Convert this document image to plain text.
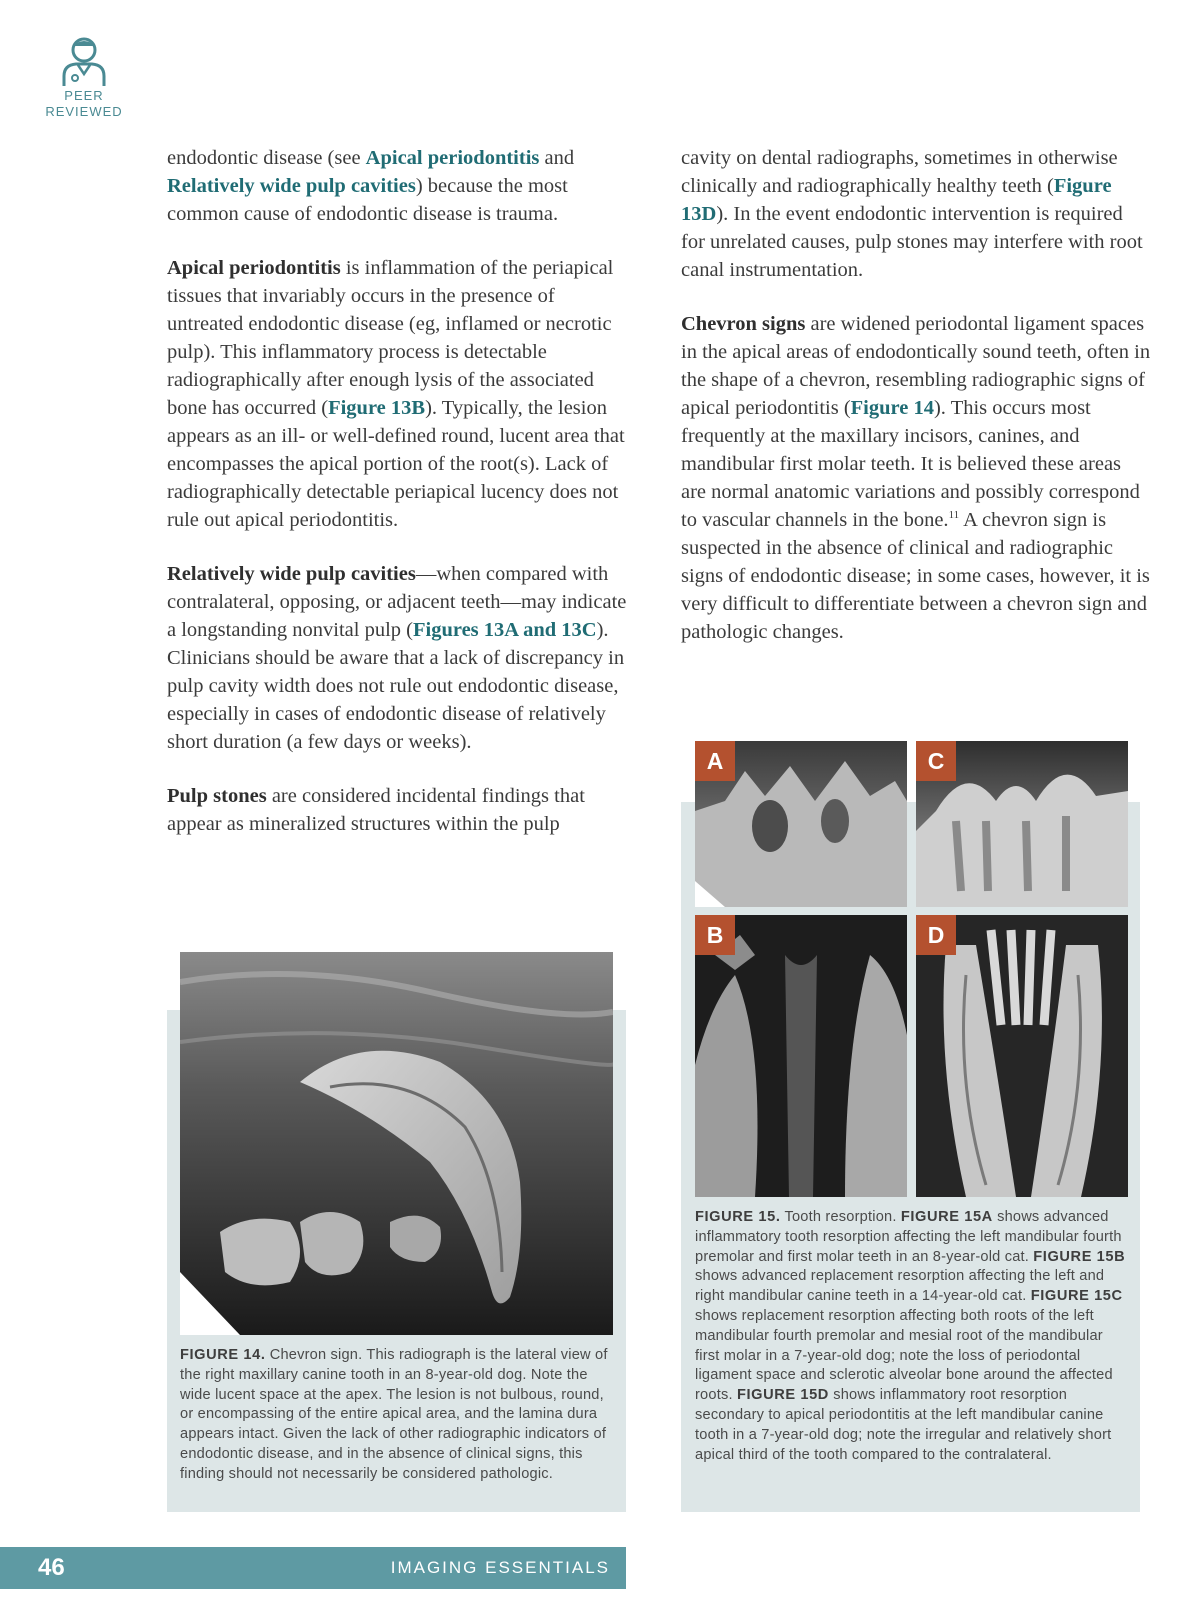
PEER
REVIEWED

endodontic disease (see Apical periodontitis and Relatively wide pulp cavities) because the most common cause of endodontic disease is trauma.

Apical periodontitis is inflammation of the periapical tissues that invariably occurs in the presence of untreated endodontic disease (eg, inflamed or necrotic pulp). This inflammatory process is detectable radiographically after enough lysis of the associated bone has occurred (Figure 13B). Typically, the lesion appears as an ill- or well-defined round, lucent area that encompasses the apical portion of the root(s). Lack of radiographically detectable periapical lucency does not rule out apical periodontitis.

Relatively wide pulp cavities—when compared with contralateral, opposing, or adjacent teeth—may indicate a longstanding nonvital pulp (Figures 13A and 13C). Clinicians should be aware that a lack of discrepancy in pulp cavity width does not rule out endodontic disease, especially in cases of endodontic disease of relatively short duration (a few days or weeks).

Pulp stones are considered incidental findings that appear as mineralized structures within the pulp

cavity on dental radiographs, sometimes in otherwise clinically and radiographically healthy teeth (Figure 13D). In the event endodontic intervention is required for unrelated causes, pulp stones may interfere with root canal instrumentation.

Chevron signs are widened periodontal ligament spaces in the apical areas of endodontically sound teeth, often in the shape of a chevron, resembling radiographic signs of apical periodontitis (Figure 14). This occurs most frequently at the maxillary incisors, canines, and mandibular first molar teeth. It is believed these areas are normal anatomic variations and possibly correspond to vascular channels in the bone.$^{11}$ A chevron sign is suspected in the absence of clinical and radiographic signs of endodontic disease; in some cases, however, it is very difficult to differentiate between a chevron sign and pathologic changes.

FIGURE 14. Chevron sign. This radiograph is the lateral view of the right maxillary canine tooth in an 8-year-old dog. Note the wide lucent space at the apex. The lesion is not bulbous, round, or encompassing of the entire apical area, and the lamina dura appears intact. Given the lack of other radiographic indicators of endodontic disease, and in the absence of clinical signs, this finding should not necessarily be considered pathologic.
A	C
B	D
FIGURE 15. Tooth resorption. FIGURE 15A shows advanced inflammatory tooth resorption affecting the left mandibular fourth premolar and first molar teeth in an 8-year-old cat. FIGURE 15B shows advanced replacement resorption affecting the left and right mandibular canine teeth in a 14-year-old cat. FIGURE 15C shows replacement resorption affecting both roots of the left mandibular fourth premolar and mesial root of the mandibular first molar in a 7-year-old dog; note the loss of periodontal ligament space and sclerotic alveolar bone around the affected roots. FIGURE 15D shows inflammatory root resorption secondary to apical periodontitis at the left mandibular canine tooth in a 7-year-old dog; note the irregular and relatively short apical third of the tooth compared to the contralateral.
46	IMAGING ESSENTIALS
